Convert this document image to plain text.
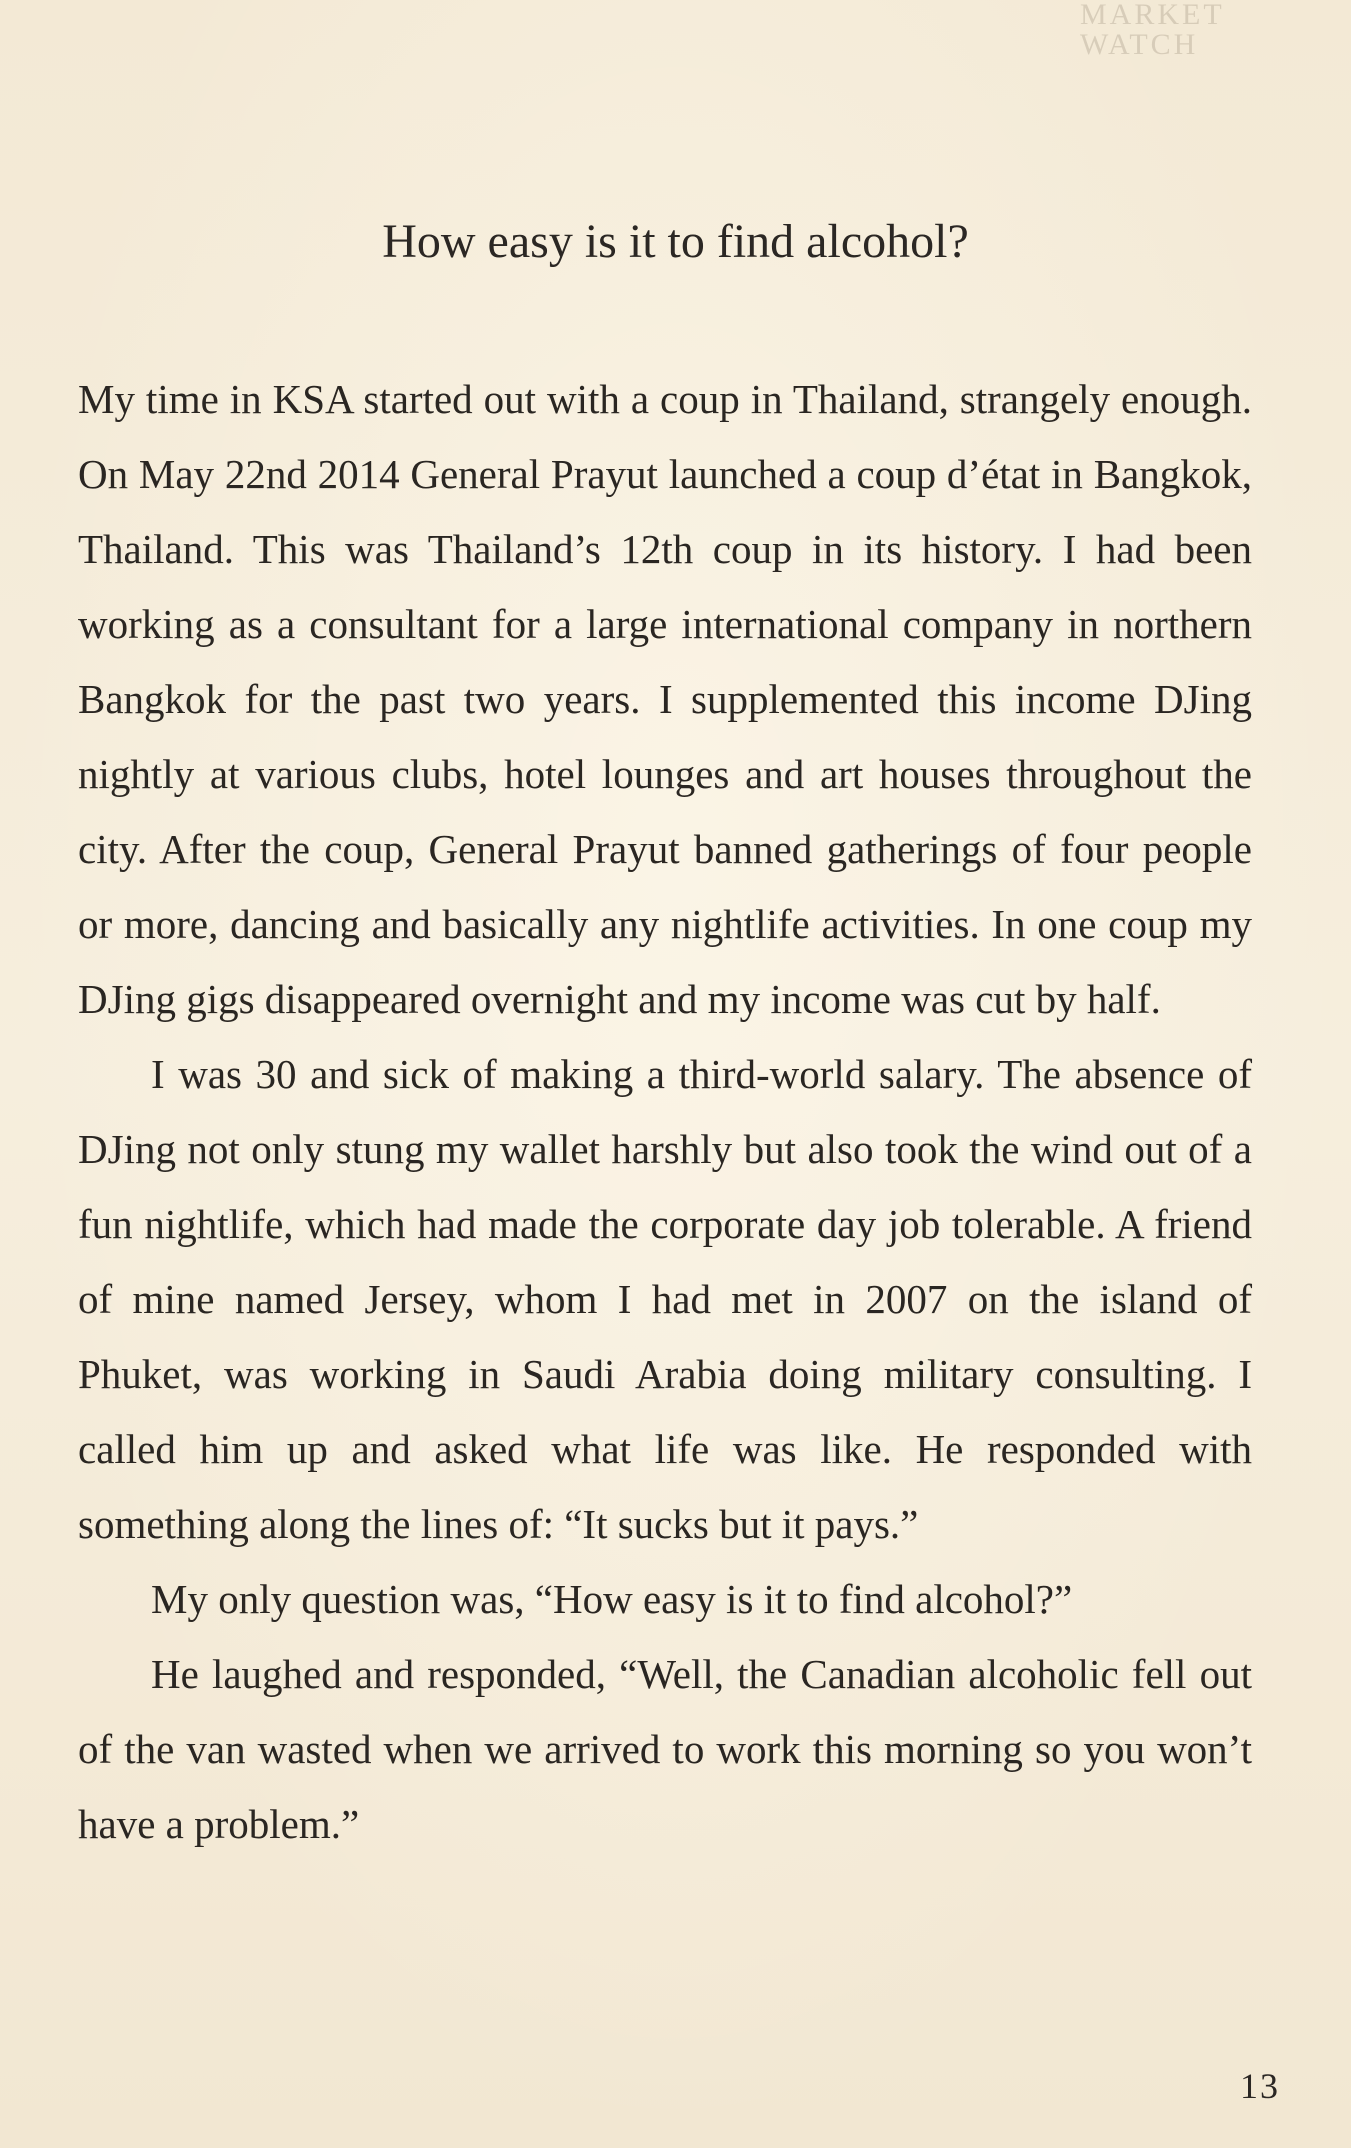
MARKET WATCH
How easy is it to find alcohol?

My time in KSA started out with a coup in Thailand, strangely enough. On May 22nd 2014 General Prayut launched a coup d’état in Bangkok, Thailand. This was Thailand’s 12th coup in its history. I had been working as a consultant for a large international company in northern Bangkok for the past two years. I supplemented this income DJing nightly at various clubs, hotel lounges and art houses throughout the city. After the coup, General Prayut banned gatherings of four people or more, dancing and basically any nightlife activities. In one coup my DJing gigs disappeared overnight and my income was cut by half.

I was 30 and sick of making a third-world salary. The absence of DJing not only stung my wallet harshly but also took the wind out of a fun nightlife, which had made the corporate day job tolerable. A friend of mine named Jersey, whom I had met in 2007 on the island of Phuket, was working in Saudi Arabia doing military consulting. I called him up and asked what life was like. He responded with something along the lines of: “It sucks but it pays.”

My only question was, “How easy is it to find alcohol?”

He laughed and responded, “Well, the Canadian alcoholic fell out of the van wasted when we arrived to work this morning so you won’t have a problem.”

13
